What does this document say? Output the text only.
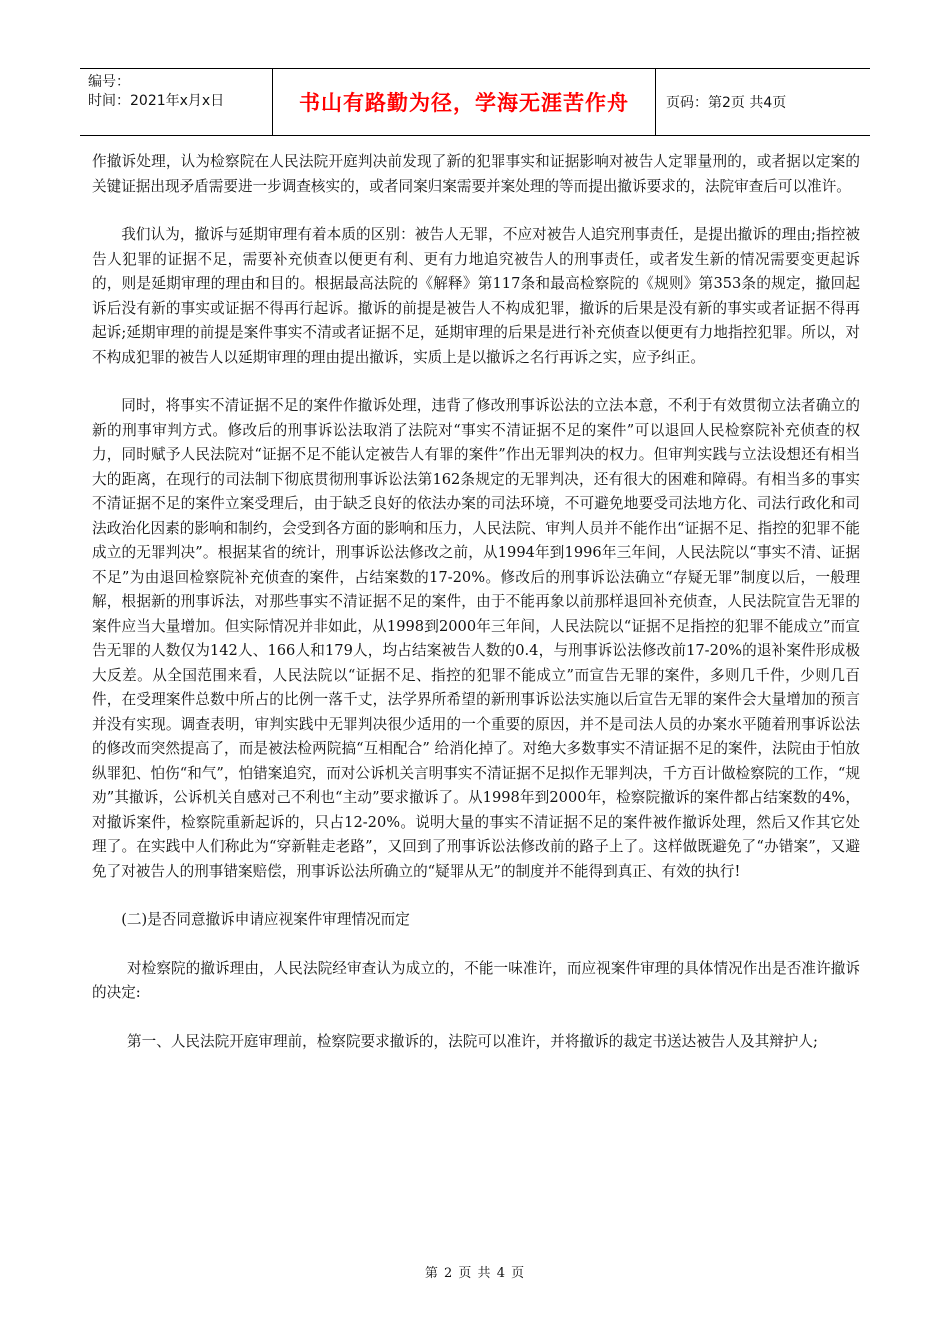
编号：
时间：2021年x月x日	书山有路勤为径，学海无涯苦作舟	页码：第2页 共4页

作撤诉处理，认为检察院在人民法院开庭判决前发现了新的犯罪事实和证据影响对被告人定罪量刑的，或者据以定案的关键证据出现矛盾需要进一步调查核实的，或者同案归案需要并案处理的等而提出撤诉要求的，法院审查后可以准许。

我们认为，撤诉与延期审理有着本质的区别：被告人无罪，不应对被告人追究刑事责任，是提出撤诉的理由;指控被告人犯罪的证据不足，需要补充侦查以便更有利、更有力地追究被告人的刑事责任，或者发生新的情况需要变更起诉的，则是延期审理的理由和目的。根据最高法院的《解释》第117条和最高检察院的《规则》第353条的规定，撤回起诉后没有新的事实或证据不得再行起诉。撤诉的前提是被告人不构成犯罪，撤诉的后果是没有新的事实或者证据不得再起诉;延期审理的前提是案件事实不清或者证据不足，延期审理的后果是进行补充侦查以便更有力地指控犯罪。所以，对不构成犯罪的被告人以延期审理的理由提出撤诉，实质上是以撤诉之名行再诉之实，应予纠正。

同时，将事实不清证据不足的案件作撤诉处理，违背了修改刑事诉讼法的立法本意，不利于有效贯彻立法者确立的新的刑事审判方式。修改后的刑事诉讼法取消了法院对“事实不清证据不足的案件”可以退回人民检察院补充侦查的权力，同时赋予人民法院对“证据不足不能认定被告人有罪的案件”作出无罪判决的权力。但审判实践与立法设想还有相当大的距离，在现行的司法制下彻底贯彻刑事诉讼法第162条规定的无罪判决，还有很大的困难和障碍。有相当多的事实不清证据不足的案件立案受理后，由于缺乏良好的依法办案的司法环境，不可避免地要受司法地方化、司法行政化和司法政治化因素的影响和制约，会受到各方面的影响和压力，人民法院、审判人员并不能作出“证据不足、指控的犯罪不能成立的无罪判决”。根据某省的统计，刑事诉讼法修改之前，从1994年到1996年三年间，人民法院以“事实不清、证据不足”为由退回检察院补充侦查的案件，占结案数的17-20%。修改后的刑事诉讼法确立“存疑无罪”制度以后，一般理解，根据新的刑事诉法，对那些事实不清证据不足的案件，由于不能再象以前那样退回补充侦查，人民法院宣告无罪的案件应当大量增加。但实际情况并非如此，从1998到2000年三年间，人民法院以“证据不足指控的犯罪不能成立”而宣告无罪的人数仅为142人、166人和179人，均占结案被告人数的0.4，与刑事诉讼法修改前17-20%的退补案件形成极大反差。从全国范围来看，人民法院以“证据不足、指控的犯罪不能成立”而宣告无罪的案件，多则几千件，少则几百件，在受理案件总数中所占的比例一落千丈，法学界所希望的新刑事诉讼法实施以后宣告无罪的案件会大量增加的预言并没有实现。调查表明，审判实践中无罪判决很少适用的一个重要的原因，并不是司法人员的办案水平随着刑事诉讼法的修改而突然提高了，而是被法检两院搞“互相配合” 给消化掉了。对绝大多数事实不清证据不足的案件，法院由于怕放纵罪犯、怕伤“和气”，怕错案追究，而对公诉机关言明事实不清证据不足拟作无罪判决，千方百计做检察院的工作，“规劝”其撤诉，公诉机关自感对己不利也“主动”要求撤诉了。从1998年到2000年，检察院撤诉的案件都占结案数的4%，对撤诉案件，检察院重新起诉的，只占12-20%。说明大量的事实不清证据不足的案件被作撤诉处理，然后又作其它处理了。在实践中人们称此为“穿新鞋走老路”，又回到了刑事诉讼法修改前的路子上了。这样做既避免了“办错案”，又避免了对被告人的刑事错案赔偿，刑事诉讼法所确立的“疑罪从无”的制度并不能得到真正、有效的执行!

(二)是否同意撤诉申请应视案件审理情况而定

对检察院的撤诉理由，人民法院经审查认为成立的，不能一味准许，而应视案件审理的具体情况作出是否准许撤诉的决定:

第一、人民法院开庭审理前，检察院要求撤诉的，法院可以准许，并将撤诉的裁定书送达被告人及其辩护人;

第 2 页 共 4 页
